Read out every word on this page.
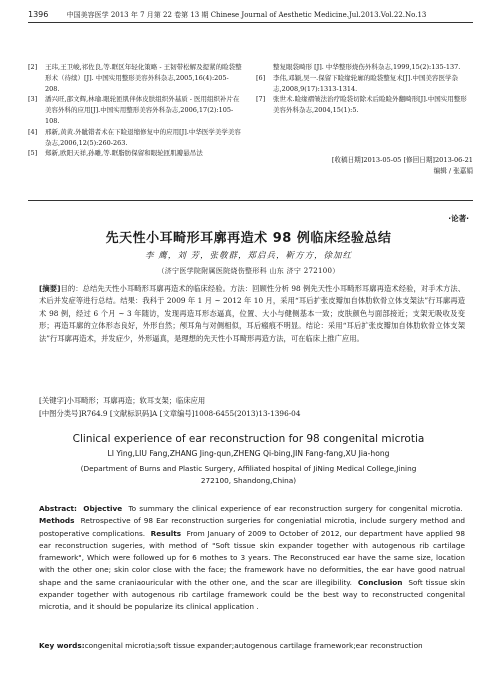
1396	中国美容医学 2013 年 7 月第 22 卷第 13 期 Chinese Journal of Aesthetic Medicine.Jul.2013.Vol.22.No.13
[2] 王玮,王卫峻,祁佐良,等.眶区年轻化策略 - 王韧带松解及提紧的睑袋整形术（待续）[J]. 中国实用整形美容外科杂志,2005,16(4):205-208.
[3] 潘兴旺,邵文辉,林瑜.眼轮匝肌伴体皮肤组织外基质 - 医用组织补片在美容外科的应用[J].中国实用整形美容外科杂志,2006,17(2):105-108.
[4] 邢新,黄黄.外眦错者术在下睑退缩修复中的应用[J].中华医学美学美容杂志,2006,12(5):260-263.
[5] 郑新,欧阳天祥,孙雕,等.眶脂肪保留和眼轮匝肌瓣悬吊法
整复眼袋畸形 [J]. 中华整形烧伤外科杂志,1999,15(2):135-137.
[6] 李伟,邓颖,吴一.保留下睑缘轮廓的睑袋整复术[J].中国美容医学杂志,2008,9(17):1313-1314.
[7] 张世术.睑缘褶皱法治疗睑袋切除术后睑睑外翻畸形[J].中国实用整形美容外科杂志,2004,15(1):5.
[收稿日期]2013-05-05 [修回日期]2013-06-21
编辑 / 张嘉娟
·论著·
先天性小耳畸形耳廓再造术 98 例临床经验总结
李 鹰，刘 芳，张敬群，郑启兵，靳方方，徐加红
（济宁医学院附属医院烧伤整形科 山东 济宁 272100）
[摘要]目的：总结先天性小耳畸形耳廓再造术的临床经验。方法：回顾性分析 98 例先天性小耳畸形耳廓再造术经验，对手术方法、术后并发症等进行总结。结果：我科于 2009 年 1 月 ~ 2012 年 10 月，采用“耳后扩张皮瓣加自体肋软骨立体支架法”行耳廓再造术 98 例，经过 6 个月 ~ 3 年随访，发现再造耳形态逼真，位置、大小与健侧基本一致；皮肤颜色与面部接近；支架无吸收及变形；再造耳廓的立体形态良好，外形自然；颅耳角与对侧相似，耳后瘢痕不明显。结论：采用“耳后扩张皮瓣加自体肋软骨立体支架法”行耳廓再造术，并发症少，外形逼真，是理想的先天性小耳畸形再造方法，可在临床上推广应用。
[关键字]小耳畸形；耳廓再造；软耳支架；临床应用
[中图分类号]R764.9 [文献标识码]A [文章编号]1008-6455(2013)13-1396-04
Clinical experience of ear reconstruction for 98 congenital microtia
LI Ying,LIU Fang,ZHANG Jing-qun,ZHENG Qi-bing,JIN Fang-fang,XU Jia-hong
(Department of Burns and Plastic Surgery, Affiliated hospital of JiNing Medical College,Jining
272100, Shandong,China)
Abstract: Objective To summary the clinical experience of ear reconstruction surgery for congenital microtia.  Methods Retrospective of 98 Ear reconstruction surgeries for congeniatial microtia, include surgery method and postoperative complications. Results From January of 2009 to October of 2012, our department have applied 98 ear reconstruction sugeries, with method of "Soft tissue skin expander together with autogenous rib cartilage framework", Which were followed up for 6 mothes to 3 years. The Reconstruced ear have the same size, location with the other one; skin color close with the face; the framework have no deformities, the ear have good natrual shape and the same craniaouricular with the other one, and the scar are illegibility. Conclusion Soft tissue skin expander together with autogenous rib cartilage framework could be the best way to reconstructed congenital microtia, and it should be popularize its clinical application .
Key words:congenital microtia;soft tissue expander;autogenous cartilage framework;ear reconstruction
